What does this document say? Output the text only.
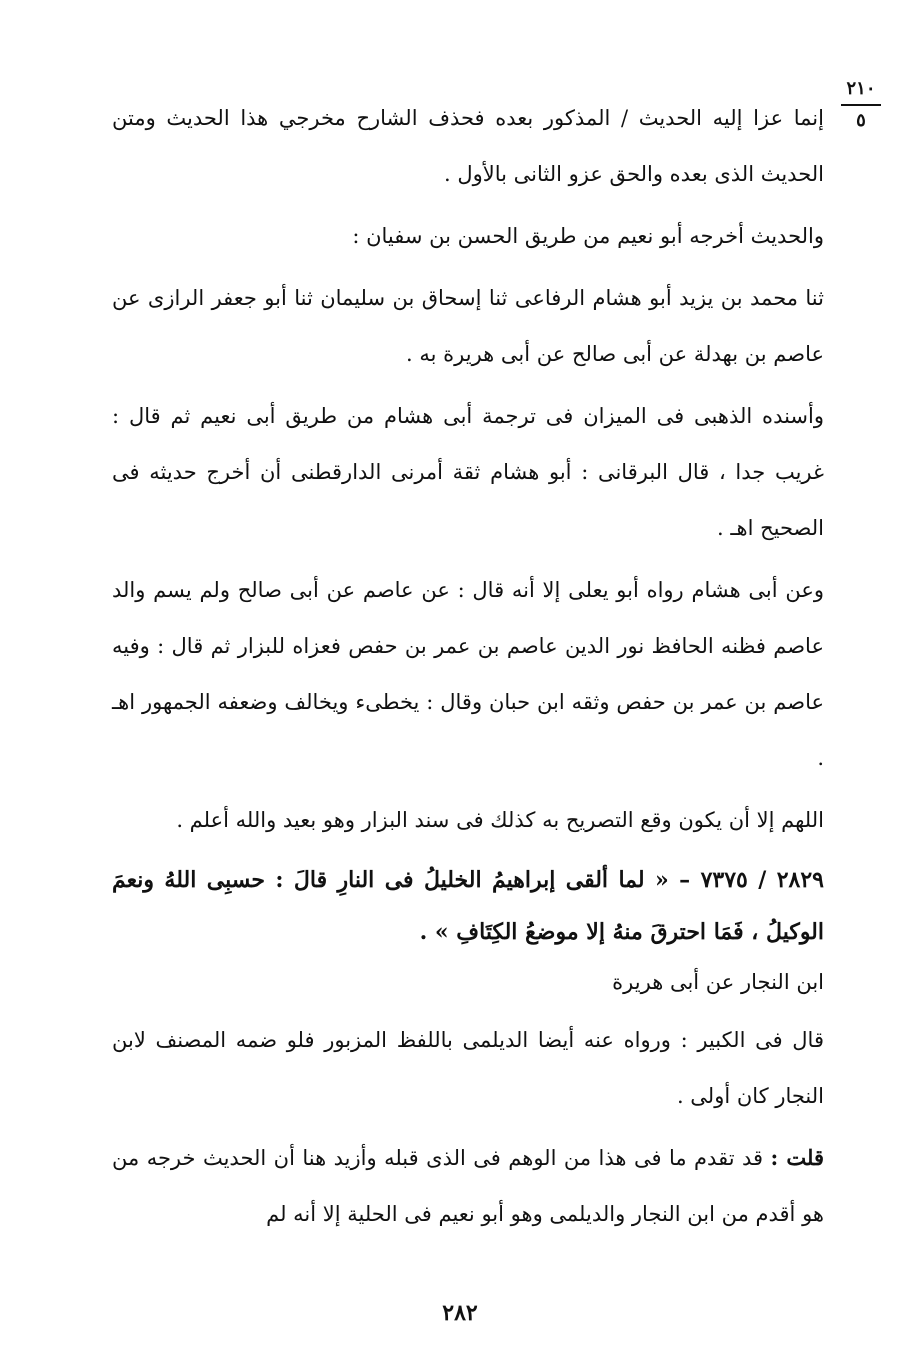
٢١٠
٥

إنما عزا إليه الحديث / المذكور بعده فحذف الشارح مخرجي هذا الحديث ومتن الحديث الذى بعده والحق عزو الثانى بالأول .

والحديث أخرجه أبو نعيم من طريق الحسن بن سفيان :

ثنا محمد بن يزيد أبو هشام الرفاعى ثنا إسحاق بن سليمان ثنا أبو جعفر الرازى عن عاصم بن بهدلة عن أبى صالح عن أبى هريرة به .

وأسنده الذهبى فى الميزان فى ترجمة أبى هشام من طريق أبى نعيم ثم قال : غريب جدا ، قال البرقانى : أبو هشام ثقة أمرنى الدارقطنى أن أخرج حديثه فى الصحيح اهـ .

وعن أبى هشام رواه أبو يعلى إلا أنه قال : عن عاصم عن أبى صالح ولم يسم والد عاصم فظنه الحافظ نور الدين عاصم بن عمر بن حفص فعزاه للبزار ثم قال : وفيه عاصم بن عمر بن حفص وثقه ابن حبان وقال : يخطىء ويخالف وضعفه الجمهور اهـ .

اللهم إلا أن يكون وقع التصريح به كذلك فى سند البزار وهو بعيد والله أعلم .

٢٨٢٩ / ٧٣٧٥ – « لما ألقى إبراهيمُ الخليلُ فى النارِ قالَ : حسبِى اللهُ ونعمَ الوكيلُ ، فَمَا احترقَ منهُ إلا موضعُ الكِتَافِ » .

ابن النجار عن أبى هريرة

قال فى الكبير : ورواه عنه أيضا الديلمى باللفظ المزبور فلو ضمه المصنف لابن النجار كان أولى .

قلت : قد تقدم ما فى هذا من الوهم فى الذى قبله وأزيد هنا أن الحديث خرجه من هو أقدم من ابن النجار والديلمى وهو أبو نعيم فى الحلية إلا أنه لم

٢٨٢
